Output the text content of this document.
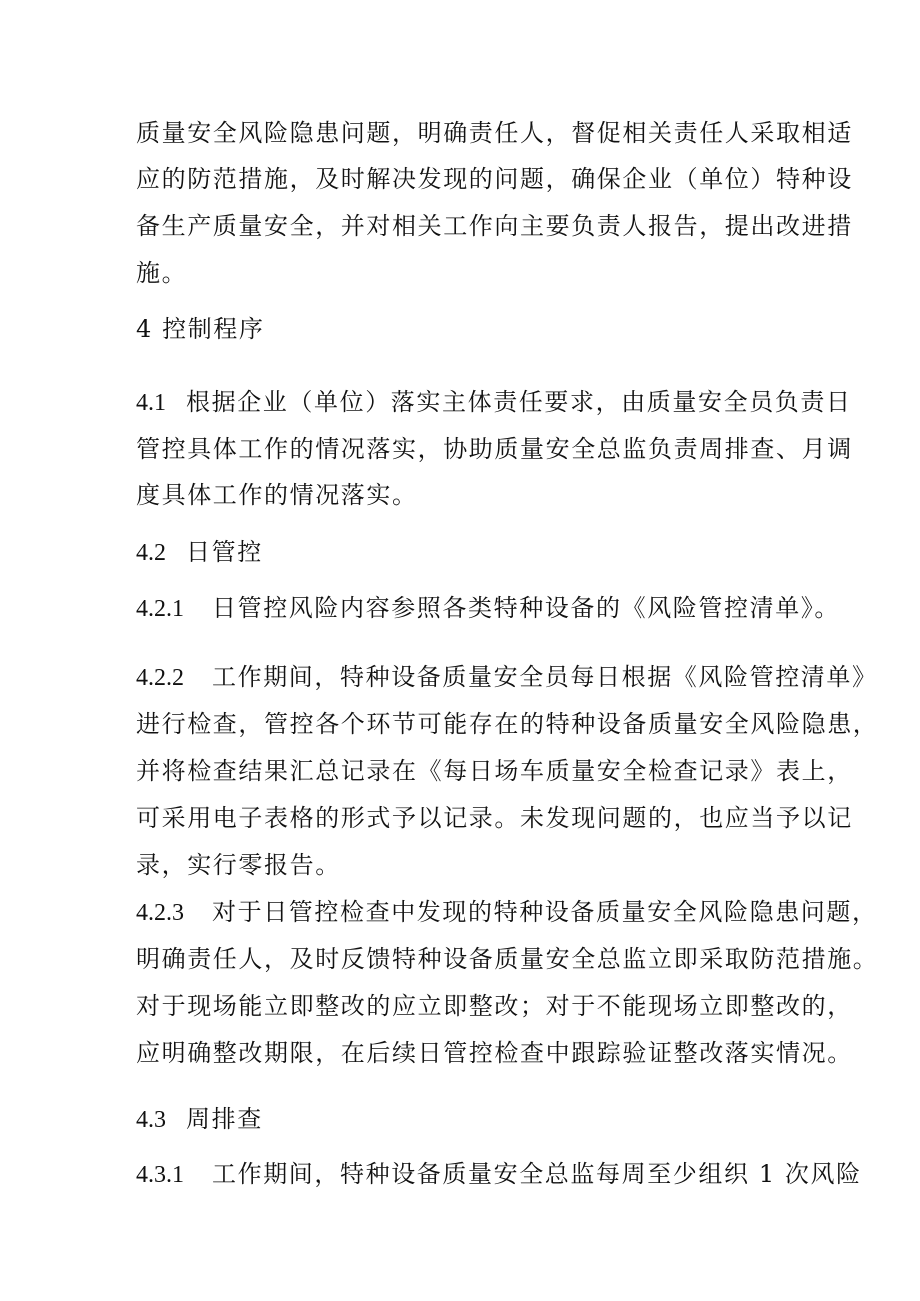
质量安全风险隐患问题，明确责任人，督促相关责任人采取相适
应的防范措施，及时解决发现的问题，确保企业（单位）特种设
备生产质量安全，并对相关工作向主要负责人报告，提出改进措
施。
4 控制程序
4.1 根据企业（单位）落实主体责任要求，由质量安全员负责日
管控具体工作的情况落实，协助质量安全总监负责周排查、月调
度具体工作的情况落实。
4.2 日管控
4.2.1 日管控风险内容参照各类特种设备的《风险管控清单》。
4.2.2 工作期间，特种设备质量安全员每日根据《风险管控清单》
进行检查，管控各个环节可能存在的特种设备质量安全风险隐患，
并将检查结果汇总记录在《每日场车质量安全检查记录》表上，
可采用电子表格的形式予以记录。未发现问题的，也应当予以记
录，实行零报告。
4.2.3 对于日管控检查中发现的特种设备质量安全风险隐患问题，
明确责任人，及时反馈特种设备质量安全总监立即采取防范措施。
对于现场能立即整改的应立即整改；对于不能现场立即整改的，
应明确整改期限，在后续日管控检查中跟踪验证整改落实情况。
4.3 周排查
4.3.1 工作期间，特种设备质量安全总监每周至少组织 1 次风险
